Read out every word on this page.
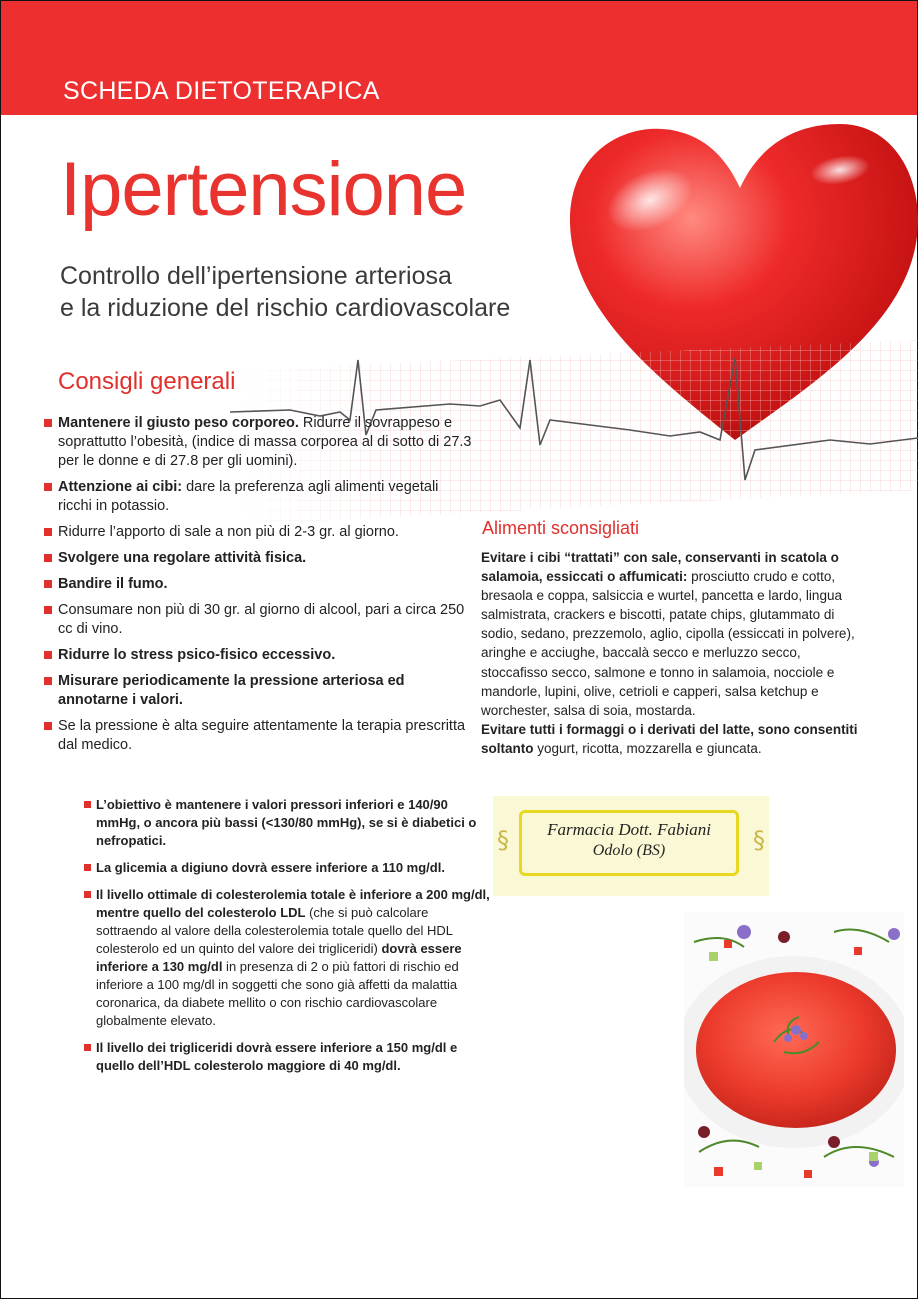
SCHEDA DIETOTERAPICA
Ipertensione
Controllo dell’ipertensione arteriosa
e la riduzione del rischio cardiovascolare
Consigli generali
Mantenere il giusto peso corporeo. Ridurre il sovrappeso e soprattutto l’obesità, (indice di massa corporea al di sotto di 27.3 per le donne e di 27.8 per gli uomini).
Attenzione ai cibi: dare la preferenza agli alimenti vegetali ricchi in potassio.
Ridurre l’apporto di sale a non più di 2-3 gr. al giorno.
Svolgere una regolare attività fisica.
Bandire il fumo.
Consumare non più di 30 gr. al giorno di alcool, pari a circa 250 cc di vino.
Ridurre lo stress psico-fisico eccessivo.
Misurare periodicamente la pressione arteriosa ed annotarne i valori.
Se la pressione è alta seguire attentamente la terapia prescritta dal medico.
L’obiettivo è mantenere i valori pressori inferiori e 140/90 mmHg, o ancora più bassi (<130/80 mmHg), se si è diabetici o nefropatici.
La glicemia a digiuno dovrà essere inferiore a 110 mg/dl.
Il livello ottimale di colesterolemia totale è inferiore a 200 mg/dl, mentre quello del colesterolo LDL (che si può calcolare sottraendo al valore della colesterolemia totale quello del HDL colesterolo ed un quinto del valore dei trigliceridi) dovrà essere inferiore a 130 mg/dl in presenza di 2 o più fattori di rischio ed inferiore a 100 mg/dl in soggetti che sono già affetti da malattia coronarica, da diabete mellito o con rischio cardiovascolare globalmente elevato.
Il livello dei trigliceridi dovrà essere inferiore a 150 mg/dl e quello dell’HDL colesterolo maggiore di 40 mg/dl.
Alimenti sconsigliati
Evitare i cibi “trattati” con sale, conservanti in scatola o salamoia, essiccati o affumicati: prosciutto crudo e cotto, bresaola e coppa, salsiccia e wurtel, pancetta e lardo, lingua salmistrata, crackers e biscotti, patate chips, glutammato di sodio, sedano, prezzemolo, aglio, cipolla (essiccati in polvere), aringhe e acciughe, baccalà secco e merluzzo secco, stoccafisso secco, salmone e tonno in salamoia, nocciole e mandorle, lupini, olive, cetrioli e capperi, salsa ketchup e worchester, salsa di soia, mostarda.
Evitare tutti i formaggi o i derivati del latte, sono consentiti soltanto yogurt, ricotta, mozzarella e giuncata.
§	§
Farmacia Dott. Fabiani
Odolo (BS)
